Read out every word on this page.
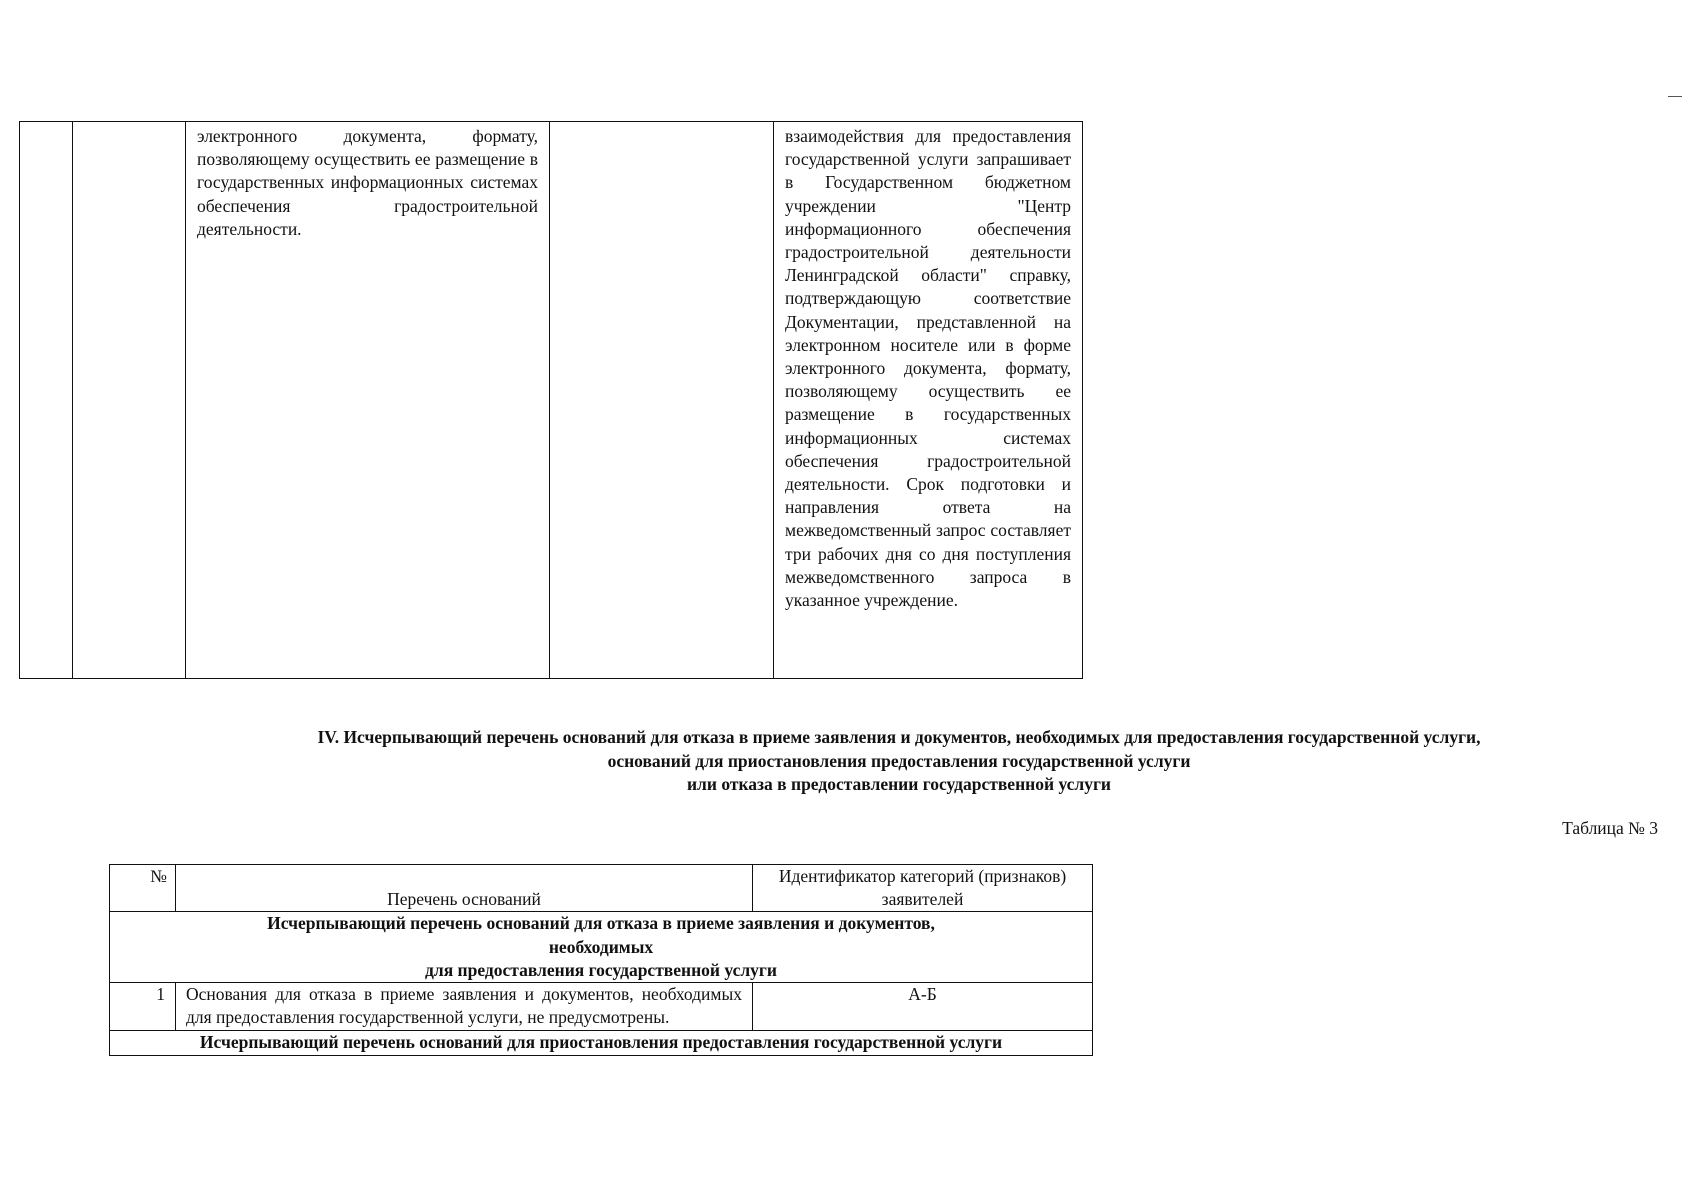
		электронного документа, формату, позволяющему осуществить ее размещение в государственных информационных системах обеспечения градостроительной деятельности.		взаимодействия для предоставления государственной услуги запрашивает в Государственном бюджетном учреждении "Центр информационного обеспечения градостроительной деятельности Ленинградской области" справку, подтверждающую соответствие Документации, представленной на электронном носителе или в форме электронного документа, формату, позволяющему осуществить ее размещение в государственных информационных системах обеспечения градостроительной деятельности. Срок подготовки и направления ответа на межведомственный запрос составляет три рабочих дня со дня поступления межведомственного запроса в указанное учреждение.
IV. Исчерпывающий перечень оснований для отказа в приеме заявления и документов, необходимых для предоставления государственной услуги,
оснований для приостановления предоставления государственной услуги
или отказа в предоставлении государственной услуги
Таблица № 3
№	Перечень оснований	Идентификатор категорий (признаков) заявителей

Исчерпывающий перечень оснований для отказа в приеме заявления и документов,
необходимых
для предоставления государственной услуги		

1	Основания для отказа в приеме заявления и документов, необходимых для предоставления государственной услуги, не предусмотрены.	А-Б
Исчерпывающий перечень оснований для приостановления предоставления государственной услуги		
